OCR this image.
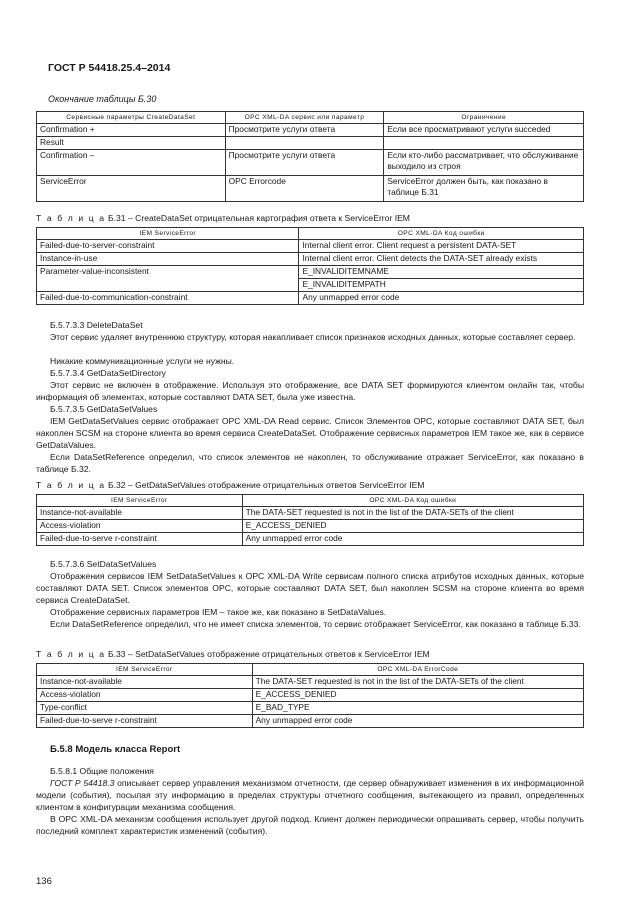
ГОСТ Р 54418.25.4–2014
Окончание таблицы Б.30
Сервисные параметры CreateDataSet	OPC XML-DA сервис или параметр	Ограничение
Confirmation +	Просмотрите услуги ответа	Если все просматривают услуги succeded
Result		
Confirmation –	Просмотрите услуги ответа	Если кто-либо рассматривает, что обслуживание выходило из строя
ServiceError	OPC Errorcode	ServiceError должен быть, как показано в таблице Б.31
Т а б л и ц а Б.31 – CreateDataSet отрицательная картография ответа к ServiceError IEM
IEM ServiceError	OPC XML-DA Код ошибки
Failed-due-to-server-constraint	Internal client error. Client request a persistent DATA-SET
Instance-in-use	Internal client error. Client detects the DATA-SET already exists
Parameter-value-inconsistent	E_INVALIDITEMNAME
	E_INVALIDITEMPATH
Failed-due-to-communication-constraint	Any unmapped error code
Б.5.7.3.3 DeleteDataSet
Этот сервис удаляет внутреннюю структуру, которая накапливает список признаков исходных данных, которые составляет сервер.
Никакие коммуникационные услуги не нужны.
Б.5.7.3.4 GetDataSetDirectory
Этот сервис не включен в отображение. Используя это отображение, все DATA SET формируются клиентом онлайн так, чтобы информация об элементах, которые составляют DATA SET, была уже известна.
Б.5.7.3.5 GetDataSetValues
IEM GetDataSetValues сервис отображает OPC XML-DA Read сервис. Список Элементов OPC, которые составляют DATA SET, был накоплен SCSM на стороне клиента во время сервиса CreateDataSet. Отображение сервисных параметров IEM такое же, как в сервисе GetDataValues.
Если DataSetReference определил, что список элементов не накоплен, то обслуживание отражает ServiceError, как показано в таблице Б.32.
Т а б л и ц а Б.32 – GetDataSetValues отображение отрицательных ответов ServiceError IEM
IEM ServiceError	OPC XML-DA Код ошибки
Instance-not-available	The DATA-SET requested is not in the list of the DATA-SETs of the client
Access-violation	E_ACCESS_DENIED
Failed-due-to-serve r-constraint	Any unmapped error code
Б.5.7.3.6 SetDataSetValues
Отображения сервисов IEM SetDataSetValues к OPC XML-DA Write сервисам полного списка атрибутов исходных данных, которые составляют DATA SET. Список элементов OPC, которые составляют DATA SET, был накоплен SCSM на стороне клиента во время сервиса CreateDataSet.
Отображение сервисных параметров IEM – такое же, как показано в SetDataValues.
Если DataSetReference определил, что не имеет списка элементов, то сервис отображает ServiceError, как показано в таблице Б.33.
Т а б л и ц а Б.33 – SetDataSetValues отображение отрицательных ответов к ServiceError IEM
IEM ServiceError	OPC XML-DA ErrorCode
Instance-not-available	The DATA-SET requested is not in the list of the DATA-SETs of the client
Access-violation	E_ACCESS_DENIED
Type-conflict	E_BAD_TYPE
Failed-due-to-serve r-constraint	Any unmapped error code
Б.5.8 Модель класса Report
Б.5.8.1 Общие положения
ГОСТ Р 54418.3 описывает сервер управления механизмом отчетности, где сервер обнаруживает изменения в их информационной модели (события), посылая эту информацию в пределах структуры отчетного сообщения, вытекающего из правил, определенных клиентом в конфигурации механизма сообщения.
В OPC XML-DA механизм сообщения использует другой подход. Клиент должен периодически опрашивать сервер, чтобы получить последний комплект характеристик изменений (события).
136
